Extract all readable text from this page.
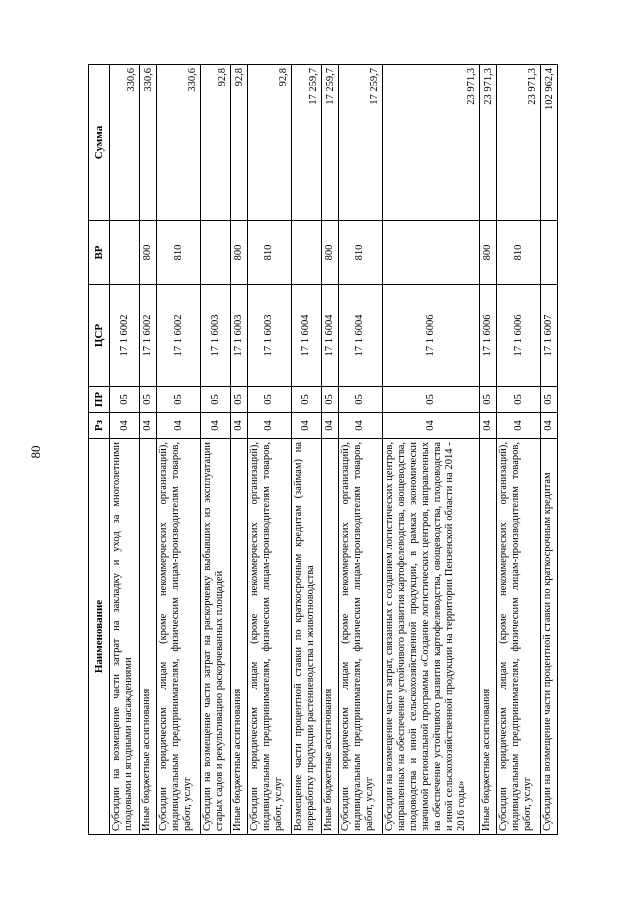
80
Наименование	Рз	ПР	ЦСР	ВР	Сумма
Субсидии на возмещение части затрат на закладку и уход за многолетними плодовыми и ягодными насаждениями	04	05	17 1 6002		330,6
Иные бюджетные ассигнования	04	05	17 1 6002	800	330,6
Субсидии юридическим лицам (кроме некоммерческих организаций), индивидуальным предпринимателям, физическим лицам-производителям товаров, работ, услуг	04	05	17 1 6002	810	330,6
Субсидии на возмещение части затрат на раскорчевку выбывших из эксплуатации старых садов и рекультивацию раскорчеванных площадей	04	05	17 1 6003		92,8
Иные бюджетные ассигнования	04	05	17 1 6003	800	92,8
Субсидии юридическим лицам (кроме некоммерческих организаций), индивидуальным предпринимателям, физическим лицам-производителям товаров, работ, услуг	04	05	17 1 6003	810	92,8
Возмещение части процентной ставки по краткосрочным кредитам (займам) на переработку продукции растениеводства и животноводства	04	05	17 1 6004		17 259,7
Иные бюджетные ассигнования	04	05	17 1 6004	800	17 259,7
Субсидии юридическим лицам (кроме некоммерческих организаций), индивидуальным предпринимателям, физическим лицам-производителям товаров, работ, услуг	04	05	17 1 6004	810	17 259,7
Субсидии на возмещение части затрат, связанных с созданием логистических центров, направленных на обеспечение устойчивого развития картофелеводства, овощеводства, плодоводства и иной сельскохозяйственной продукции, в рамках экономически значимой региональной программы «Создание логистических центров, направленных на обеспечение устойчивого развития картофелеводства, овощеводства, плодоводства и иной сельскохозяйственной продукции на территории Пензенской области на 2014 - 2016 годы»	04	05	17 1 6006		23 971,3
Иные бюджетные ассигнования	04	05	17 1 6006	800	23 971,3
Субсидии юридическим лицам (кроме некоммерческих организаций), индивидуальным предпринимателям, физическим лицам-производителям товаров, работ, услуг	04	05	17 1 6006	810	23 971,3
Субсидии на возмещение части процентной ставки по краткосрочным кредитам	04	05	17 1 6007		102 962,4
